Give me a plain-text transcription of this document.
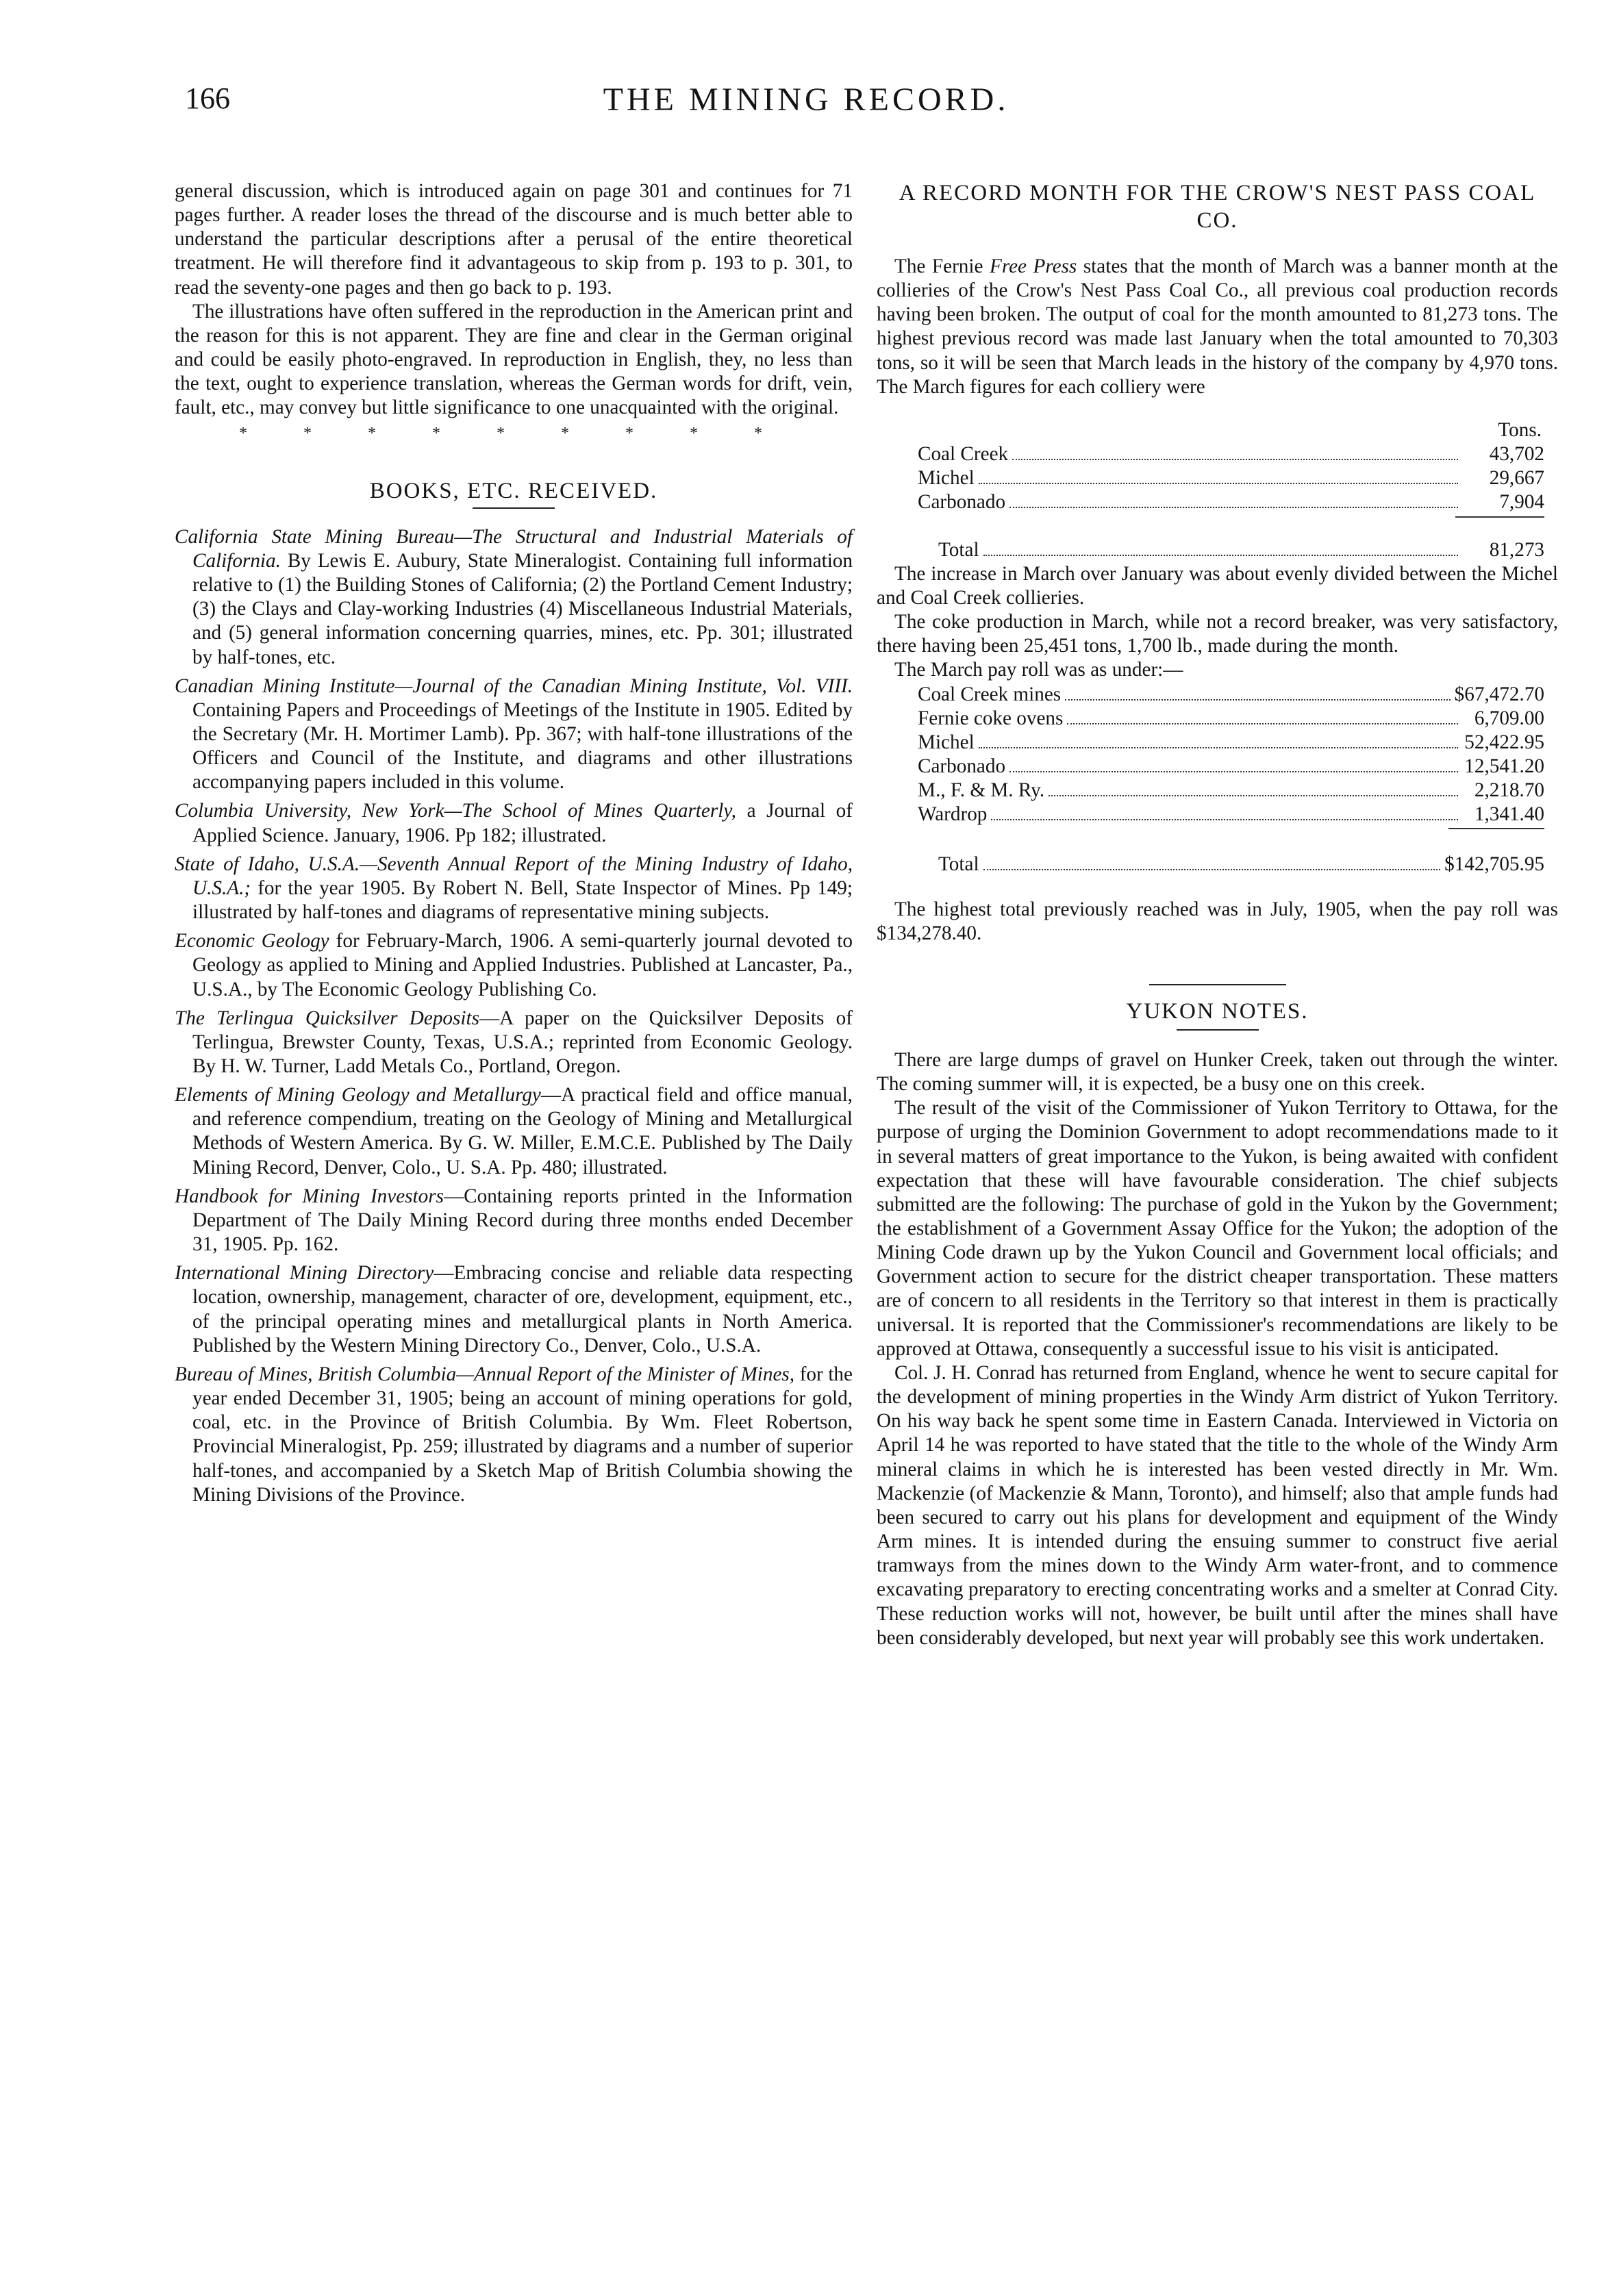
166	THE MINING RECORD.

general discussion, which is introduced again on page 301 and continues for 71 pages further. A reader loses the thread of the discourse and is much better able to understand the particular descriptions after a perusal of the entire theoretical treatment. He will therefore find it advantageous to skip from p. 193 to p. 301, to read the seventy-one pages and then go back to p. 193.

The illustrations have often suffered in the reproduction in the American print and the reason for this is not apparent. They are fine and clear in the German original and could be easily photo-engraved. In reproduction in English, they, no less than the text, ought to experience translation, whereas the German words for drift, vein, fault, etc., may convey but little significance to one unacquainted with the original.

* * * * * * * * *
BOOKS, ETC. RECEIVED.

California State Mining Bureau—The Structural and Industrial Materials of California. By Lewis E. Aubury, State Mineralogist. Containing full information relative to (1) the Building Stones of California; (2) the Portland Cement Industry; (3) the Clays and Clay-working Industries (4) Miscellaneous Industrial Materials, and (5) general information concerning quarries, mines, etc. Pp. 301; illustrated by half-tones, etc.

Canadian Mining Institute—Journal of the Canadian Mining Institute, Vol. VIII. Containing Papers and Proceedings of Meetings of the Institute in 1905. Edited by the Secretary (Mr. H. Mortimer Lamb). Pp. 367; with half-tone illustrations of the Officers and Council of the Institute, and diagrams and other illustrations accompanying papers included in this volume.

Columbia University, New York—The School of Mines Quarterly, a Journal of Applied Science. January, 1906. Pp 182; illustrated.

State of Idaho, U.S.A.—Seventh Annual Report of the Mining Industry of Idaho, U.S.A.; for the year 1905. By Robert N. Bell, State Inspector of Mines. Pp 149; illustrated by half-tones and diagrams of representative mining subjects.

Economic Geology for February-March, 1906. A semi-quarterly journal devoted to Geology as applied to Mining and Applied Industries. Published at Lancaster, Pa., U.S.A., by The Economic Geology Publishing Co.

The Terlingua Quicksilver Deposits—A paper on the Quicksilver Deposits of Terlingua, Brewster County, Texas, U.S.A.; reprinted from Economic Geology. By H. W. Turner, Ladd Metals Co., Portland, Oregon.

Elements of Mining Geology and Metallurgy—A practical field and office manual, and reference compendium, treating on the Geology of Mining and Metallurgical Methods of Western America. By G. W. Miller, E.M.C.E. Published by The Daily Mining Record, Denver, Colo., U. S.A. Pp. 480; illustrated.

Handbook for Mining Investors—Containing reports printed in the Information Department of The Daily Mining Record during three months ended December 31, 1905. Pp. 162.

International Mining Directory—Embracing concise and reliable data respecting location, ownership, management, character of ore, development, equipment, etc., of the principal operating mines and metallurgical plants in North America. Published by the Western Mining Directory Co., Denver, Colo., U.S.A.

Bureau of Mines, British Columbia—Annual Report of the Minister of Mines, for the year ended December 31, 1905; being an account of mining operations for gold, coal, etc. in the Province of British Columbia. By Wm. Fleet Robertson, Provincial Mineralogist, Pp. 259; illustrated by diagrams and a number of superior half-tones, and accompanied by a Sketch Map of British Columbia showing the Mining Divisions of the Province.

A RECORD MONTH FOR THE CROW'S NEST PASS COAL CO.

The Fernie Free Press states that the month of March was a banner month at the collieries of the Crow's Nest Pass Coal Co., all previous coal production records having been broken. The output of coal for the month amounted to 81,273 tons. The highest previous record was made last January when the total amounted to 70,303 tons, so it will be seen that March leads in the history of the company by 4,970 tons. The March figures for each colliery were

Tons.
Coal Creek	43,702
Michel	29,667
Carbonado	7,904
Total	81,273

The increase in March over January was about evenly divided between the Michel and Coal Creek collieries.

The coke production in March, while not a record breaker, was very satisfactory, there having been 25,451 tons, 1,700 lb., made during the month.

The March pay roll was as under:—

Coal Creek mines	$67,472.70
Fernie coke ovens	6,709.00
Michel	52,422.95
Carbonado	12,541.20
M., F. & M. Ry.	2,218.70
Wardrop	1,341.40
Total	$142,705.95

The highest total previously reached was in July, 1905, when the pay roll was $134,278.40.

YUKON NOTES.

There are large dumps of gravel on Hunker Creek, taken out through the winter. The coming summer will, it is expected, be a busy one on this creek.

The result of the visit of the Commissioner of Yukon Territory to Ottawa, for the purpose of urging the Dominion Government to adopt recommendations made to it in several matters of great importance to the Yukon, is being awaited with confident expectation that these will have favourable consideration. The chief subjects submitted are the following: The purchase of gold in the Yukon by the Government; the establishment of a Government Assay Office for the Yukon; the adoption of the Mining Code drawn up by the Yukon Council and Government local officials; and Government action to secure for the district cheaper transportation. These matters are of concern to all residents in the Territory so that interest in them is practically universal. It is reported that the Commissioner's recommendations are likely to be approved at Ottawa, consequently a successful issue to his visit is anticipated.

Col. J. H. Conrad has returned from England, whence he went to secure capital for the development of mining properties in the Windy Arm district of Yukon Territory. On his way back he spent some time in Eastern Canada. Interviewed in Victoria on April 14 he was reported to have stated that the title to the whole of the Windy Arm mineral claims in which he is interested has been vested directly in Mr. Wm. Mackenzie (of Mackenzie & Mann, Toronto), and himself; also that ample funds had been secured to carry out his plans for development and equipment of the Windy Arm mines. It is intended during the ensuing summer to construct five aerial tramways from the mines down to the Windy Arm water-front, and to commence excavating preparatory to erecting concentrating works and a smelter at Conrad City. These reduction works will not, however, be built until after the mines shall have been considerably developed, but next year will probably see this work undertaken.
